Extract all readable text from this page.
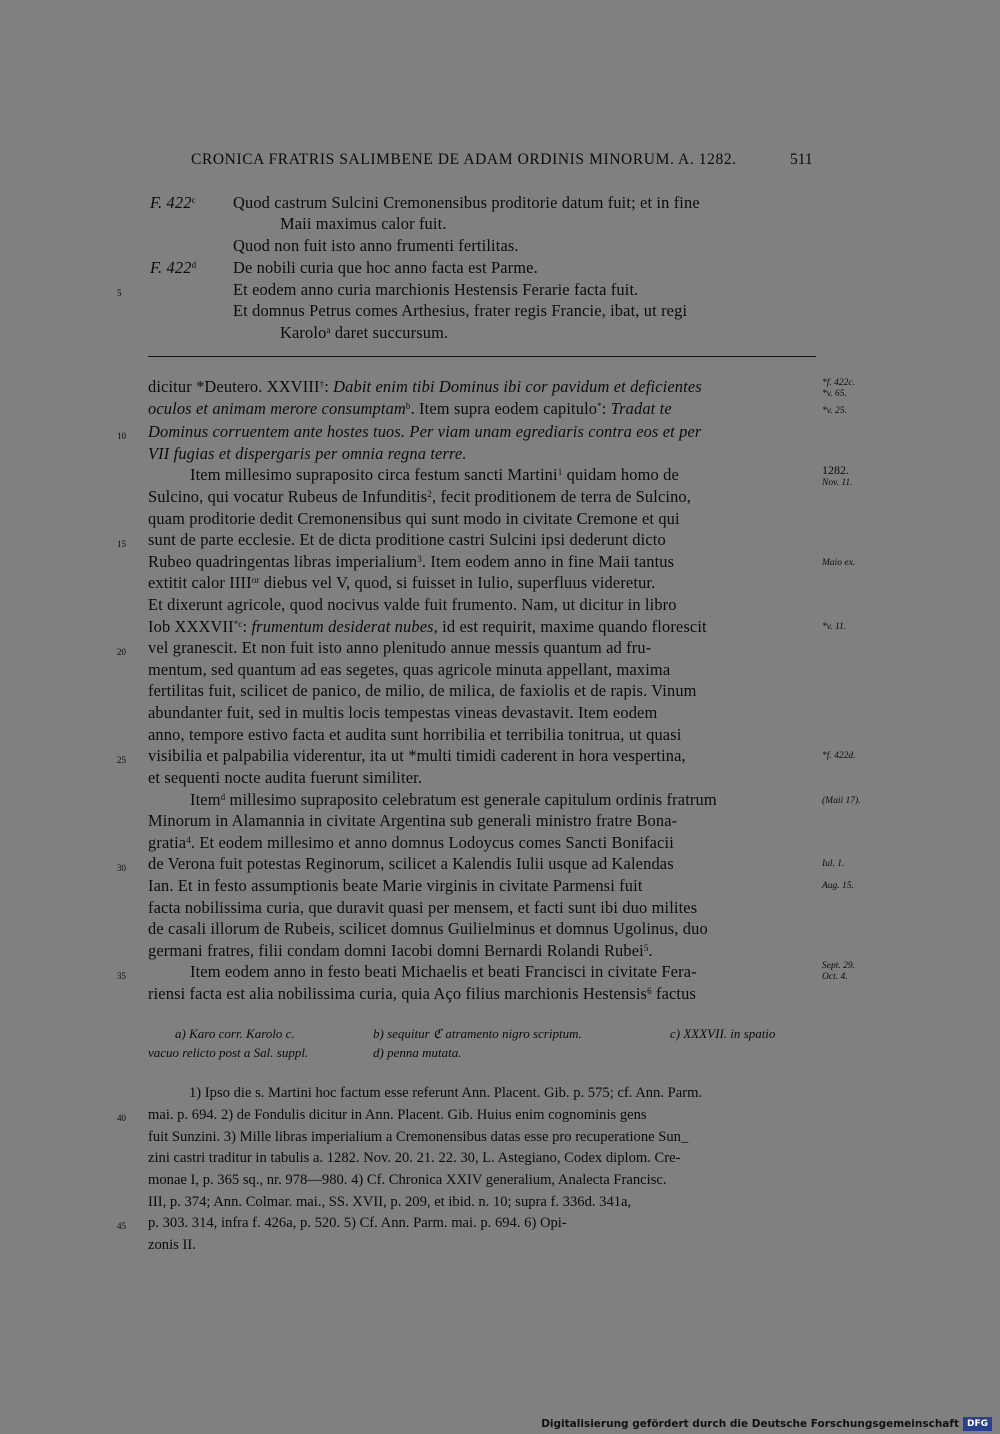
CRONICA FRATRIS SALIMBENE DE ADAM ORDINIS MINORUM. A. 1282.	511
F. 422$^c$ Quod castrum Sulcini Cremonensibus proditorie datum fuit; et in fine
Maii maximus calor fuit.
Quod non fuit isto anno frumenti fertilitas.
F. 422$^d$ De nobili curia que hoc anno facta est Parme.
Et eodem anno curia marchionis Hestensis Ferarie facta fuit.
Et domnus Petrus comes Arthesius, frater regis Francie, ibat, ut regi
Karolo$^a$ daret succursum.
5
10
15
20
25
30
35
40
45
dicitur *Deutero. XXVIII†: Dabit enim tibi Dominus ibi cor pavidum et deficientes
oculos et animam merore consumptam$^b$. Item supra eodem capitulo*: Tradat te
Dominus corruentem ante hostes tuos. Per viam unam egrediaris contra eos et per
VII fugias et dispergaris per omnia regna terre.
Item millesimo supraposito circa festum sancti Martini$^1$ quidam homo de
Sulcino, qui vocatur Rubeus de Infunditis$^2$, fecit proditionem de terra de Sulcino,
quam proditorie dedit Cremonensibus qui sunt modo in civitate Cremone et qui
sunt de parte ecclesie. Et de dicta proditione castri Sulcini ipsi dederunt dicto
Rubeo quadringentas libras imperialium$^3$. Item eodem anno in fine Maii tantus
extitit calor $IIII^{or}$ diebus vel V, quod, si fuisset in Iulio, superfluus videretur.
Et dixerunt agricole, quod nocivus valde fuit frumento. Nam, ut dicitur in libro
Iob XXXVII$^{*c}$: frumentum desiderat nubes, id est requirit, maxime quando florescit
vel granescit. Et non fuit isto anno plenitudo annue messis quantum ad fru-
mentum, sed quantum ad eas segetes, quas agricole minuta appellant, maxima
fertilitas fuit, scilicet de panico, de milio, de milica, de faxiolis et de rapis. Vinum
abundanter fuit, sed in multis locis tempestas vineas devastavit. Item eodem
anno, tempore estivo facta et audita sunt horribilia et terribilia tonitrua, ut quasi
visibilia et palpabilia viderentur, ita ut *multi timidi caderent in hora vespertina,
et sequenti nocte audita fuerunt similiter.
Item$^d$ millesimo supraposito celebratum est generale capitulum ordinis fratrum
Minorum in Alamannia in civitate Argentina sub generali ministro fratre Bona-
gratia$^4$. Et eodem millesimo et anno domnus Lodoycus comes Sancti Bonifacii
de Verona fuit potestas Reginorum, scilicet a Kalendis Iulii usque ad Kalendas
Ian. Et in festo assumptionis beate Marie virginis in civitate Parmensi fuit
facta nobilissima curia, que duravit quasi per mensem, et facti sunt ibi duo milites
de casali illorum de Rubeis, scilicet domnus Guilielminus et domnus Ugolinus, duo
germani fratres, filii condam domni Iacobi domni Bernardi Rolandi Rubei$^5$.
Item eodem anno in festo beati Michaelis et beati Francisci in civitate Fera-
riensi facta est alia nobilissima curia, quia Aço filius marchionis Hestensis$^6$ factus
*f. 422c.
*v. 65.
*v. 25.
1282.
Nov. 11.
Maio ex.
*v. 11.
*f. 422d.
(Maii 17).
Iul. 1.
Aug. 15.
Sept. 29.
Oct. 4.
a) Karo corr. Karolo c.	b) sequitur ℭ atramento nigro scriptum.	c) XXXVII. in spatio
vacuo relicto post a Sal. suppl.	d) penna mutata.
1) Ipso die s. Martini hoc factum esse referunt Ann. Placent. Gib. p. 575; cf. Ann. Parm.
mai. p. 694. 2) de Fondulis dicitur in Ann. Placent. Gib. Huius enim cognominis gens
fuit Sunzini. 3) Mille libras imperialium a Cremonensibus datas esse pro recuperatione Sun_
zini castri traditur in tabulis a. 1282. Nov. 20. 21. 22. 30, L. Astegiano, Codex diplom. Cre-
monae I, p. 365 sq., nr. 978—980. 4) Cf. Chronica XXIV generalium, Analecta Francisc.
III, p. 374; Ann. Colmar. mai., SS. XVII, p. 209, et ibid. n. 10; supra f. 336d. 341a,
p. 303. 314, infra f. 426a, p. 520. 5) Cf. Ann. Parm. mai. p. 694. 6) Opi-
zonis II.
Digitalisierung gefördert durch die Deutsche Forschungsgemeinschaft DFG
